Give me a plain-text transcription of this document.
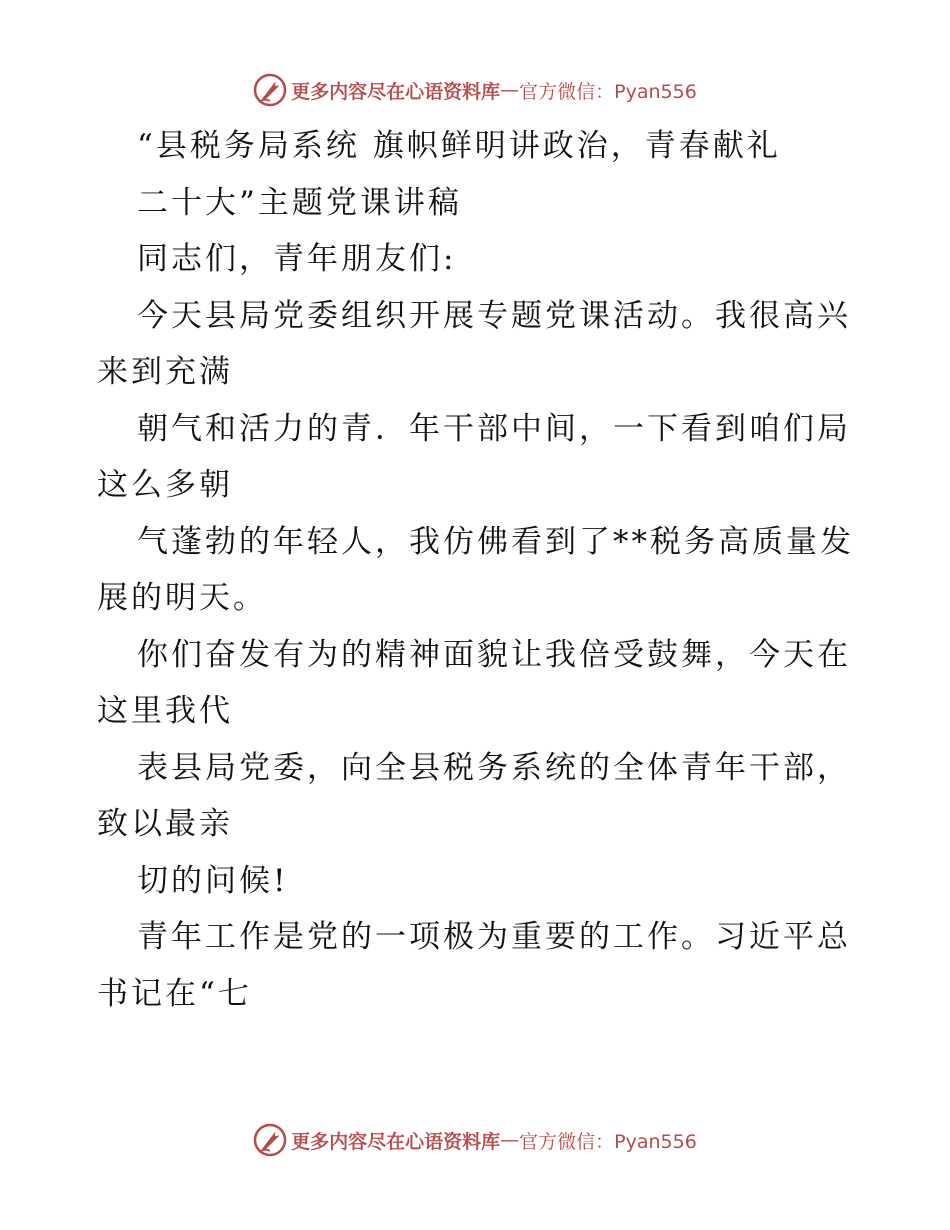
更多内容尽在心语资料库 — 官方微信：Pyan556
“县税务局系统 旗帜鲜明讲政治，青春献礼
二十大”主题党课讲稿
同志们，青年朋友们:
今天县局党委组织开展专题党课活动。我很高兴
来到充满
朝气和活力的青．年干部中间，一下看到咱们局
这么多朝
气蓬勃的年轻人，我仿佛看到了**税务高质量发
展的明天。
你们奋发有为的精神面貌让我倍受鼓舞，今天在
这里我代
表县局党委，向全县税务系统的全体青年干部，
致以最亲
切的问候!
青年工作是党的一项极为重要的工作。习近平总
书记在“七
更多内容尽在心语资料库 — 官方微信：Pyan556
